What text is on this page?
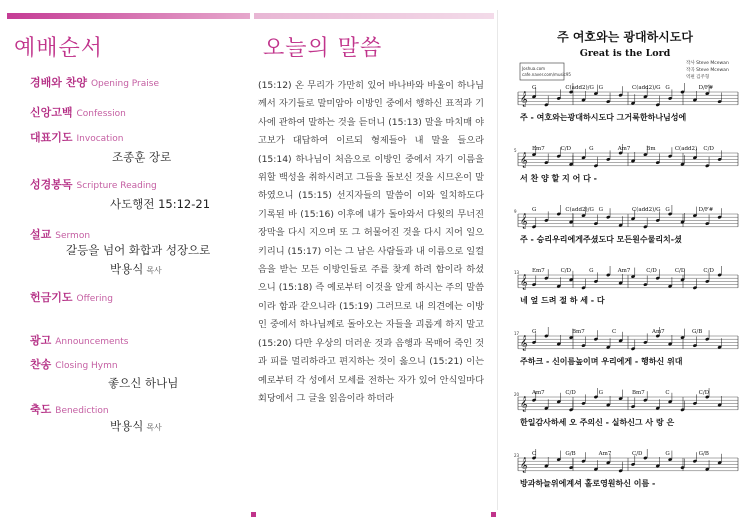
예배순서
경배와 찬양 Opening Praise
신앙고백 Confession
대표기도 Invocation
조종훈 장로
성경봉독 Scripture Reading
사도행전 15:12-21
설교 Sermon
갈등을 넘어 화합과 성장으로
박용식 목사
헌금기도 Offering
광고 Announcements
찬송 Closing Hymn
좋으신 하나님
축도 Benediction
박용식 목사
오늘의 말씀
(15:12) 온 무리가 가만히 있어 바나바와 바울이 하나님께서 자기들로 말미암아 이방인 중에서 행하신 표적과 기사에 관하여 말하는 것을 듣더니 (15:13) 말을 마치매 야고보가 대답하여 이르되 형제들아 내 말을 들으라 (15:14) 하나님이 처음으로 이방인 중에서 자기 이름을 위할 백성을 취하시려고 그들을 돌보신 것을 시므온이 말하였으니 (15:15) 선지자들의 말씀이 이와 일치하도다 기록된 바 (15:16) 이후에 내가 돌아와서 다윗의 무너진 장막을 다시 지으며 또 그 허물어진 것을 다시 지어 일으키리니 (15:17) 이는 그 남은 사람들과 내 이름으로 일컬음을 받는 모든 이방인들로 주를 찾게 하려 함이라 하셨으니 (15:18) 즉 예로부터 이것을 알게 하시는 주의 말씀이라 함과 같으니라 (15:19) 그러므로 내 의견에는 이방인 중에서 하나님께로 돌아오는 자들을 괴롭게 하지 말고 (15:20) 다만 우상의 더러운 것과 음행과 목매어 죽인 것과 피를 멀리하라고 편지하는 것이 옳으니 (15:21) 이는 예로부터 각 성에서 모세를 전하는 자가 있어 안식일마다 회당에서 그 글을 읽음이라 하더라
주 여호와는 광대하시도다
Great is the Lord
Joshua.com
cafe.naver.com/music95
작사 Steve Mcewan
작곡 Steve Mcewan
역편 김주형
G	C(add2)/G G	C(add2)/G G	D/F#
𝄞
주 - 여호와는광대하시도다 그거룩한하나님성에
Em7	C/D	G	Am7	Bm	C(add2) C/D
5
𝄞
서 찬 양 할 지 어 다 -
G	C(add2)/G G	C(add2)/G G	D/F#
9
𝄞
주 - 승리우리에게주셨도다 모든원수물리치-셨
Em7	C/D	G	Am7	C/D	C/D	C/D
13
𝄞
네 엎 드려 절 하 세 - 다
G	Bm7	C	Am7	G/B
17
𝄞
주하크 - 신이름높이며 우리에게 - 행하신 위대
Am7	C/D	G	Bm7	C	C/D
20
𝄞
한일감사하세 오 주의신 - 실하신그 사 랑 은
C	G/B	Am7	C/D	G	G/B
23
𝄞
방과하늘위에계셔 홀로영원하신 이름 -
